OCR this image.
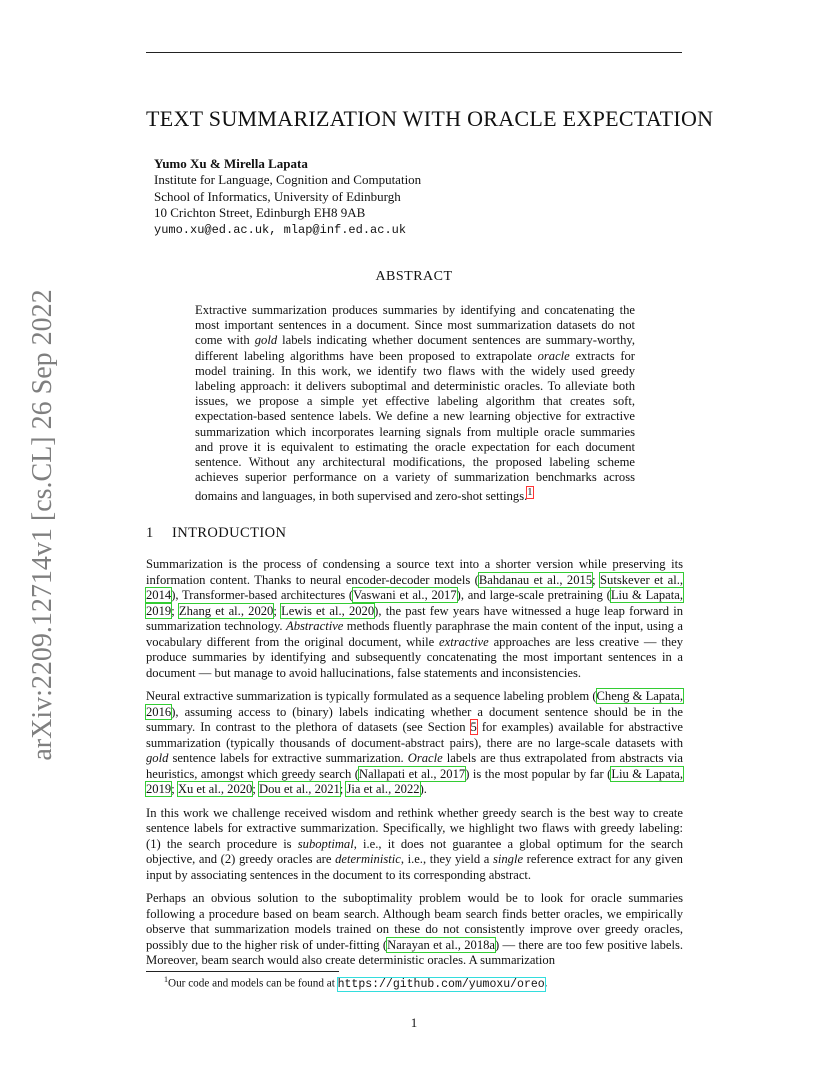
arXiv:2209.12714v1 [cs.CL] 26 Sep 2022
TEXT SUMMARIZATION WITH ORACLE EXPECTATION
Yumo Xu & Mirella Lapata
Institute for Language, Cognition and Computation
School of Informatics, University of Edinburgh
10 Crichton Street, Edinburgh EH8 9AB
yumo.xu@ed.ac.uk, mlap@inf.ed.ac.uk
ABSTRACT
Extractive summarization produces summaries by identifying and concatenating the most important sentences in a document. Since most summarization datasets do not come with gold labels indicating whether document sentences are summary-worthy, different labeling algorithms have been proposed to extrapolate oracle extracts for model training. In this work, we identify two flaws with the widely used greedy labeling approach: it delivers suboptimal and deterministic oracles. To alleviate both issues, we propose a simple yet effective labeling algorithm that creates soft, expectation-based sentence labels. We define a new learning objective for extractive summarization which incorporates learning signals from multiple oracle summaries and prove it is equivalent to estimating the oracle expectation for each document sentence. Without any architectural modifications, the proposed labeling scheme achieves superior performance on a variety of summarization benchmarks across domains and languages, in both supervised and zero-shot settings.$^1$
1 INTRODUCTION

Summarization is the process of condensing a source text into a shorter version while preserving its information content. Thanks to neural encoder-decoder models (Bahdanau et al., 2015; Sutskever et al., 2014), Transformer-based architectures (Vaswani et al., 2017), and large-scale pretraining (Liu & Lapata, 2019; Zhang et al., 2020; Lewis et al., 2020), the past few years have witnessed a huge leap forward in summarization technology. Abstractive methods fluently paraphrase the main content of the input, using a vocabulary different from the original document, while extractive approaches are less creative — they produce summaries by identifying and subsequently concatenating the most important sentences in a document — but manage to avoid hallucinations, false statements and inconsistencies.

Neural extractive summarization is typically formulated as a sequence labeling problem (Cheng & Lapata, 2016), assuming access to (binary) labels indicating whether a document sentence should be in the summary. In contrast to the plethora of datasets (see Section 5 for examples) available for abstractive summarization (typically thousands of document-abstract pairs), there are no large-scale datasets with gold sentence labels for extractive summarization. Oracle labels are thus extrapolated from abstracts via heuristics, amongst which greedy search (Nallapati et al., 2017) is the most popular by far (Liu & Lapata, 2019; Xu et al., 2020; Dou et al., 2021; Jia et al., 2022).

In this work we challenge received wisdom and rethink whether greedy search is the best way to create sentence labels for extractive summarization. Specifically, we highlight two flaws with greedy labeling: (1) the search procedure is suboptimal, i.e., it does not guarantee a global optimum for the search objective, and (2) greedy oracles are deterministic, i.e., they yield a single reference extract for any given input by associating sentences in the document to its corresponding abstract.

Perhaps an obvious solution to the suboptimality problem would be to look for oracle summaries following a procedure based on beam search. Although beam search finds better oracles, we empirically observe that summarization models trained on these do not consistently improve over greedy oracles, possibly due to the higher risk of under-fitting (Narayan et al., 2018a) — there are too few positive labels. Moreover, beam search would also create deterministic oracles. A summarization

$^1$Our code and models can be found at https://github.com/yumoxu/oreo.
1
